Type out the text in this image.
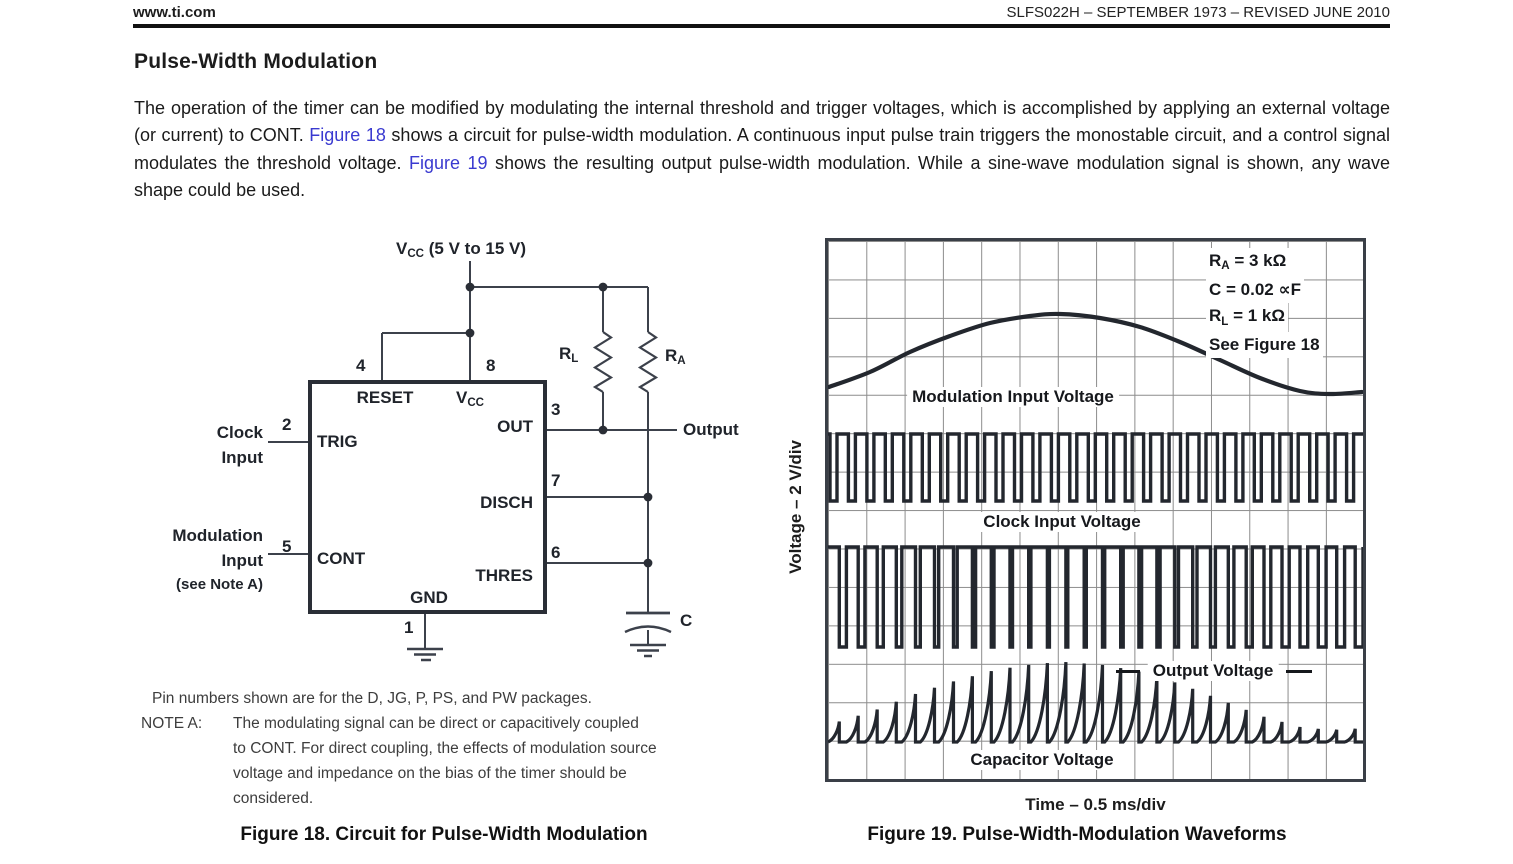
www.ti.com	SLFS022H – SEPTEMBER 1973 – REVISED JUNE 2010
Pulse-Width Modulation

The operation of the timer can be modified by modulating the internal threshold and trigger voltages, which is accomplished by applying an external voltage (or current) to CONT. Figure 18 shows a circuit for pulse-width modulation. A continuous input pulse train triggers the monostable circuit, and a control signal modulates the threshold voltage. Figure 19 shows the resulting output pulse-width modulation. While a sine-wave modulation signal is shown, any wave shape could be used.

$V_{CC}$ (5 V to 15 V)
4	8
RESET	$V_{CC}$	3
OUT
TRIG
2
7
DISCH
5
CONT	6
THRES
GND
1
Clock
Input
Modulation
Input
(see Note A)
Output
$R_L$	$R_A$
C
Pin numbers shown are for the D, JG, P, PS, and PW packages.
NOTE A: The modulating signal can be direct or capacitively coupled
to CONT. For direct coupling, the effects of modulation source
voltage and impedance on the bias of the timer should be
considered.
Modulation Input Voltage
Clock Input Voltage
Output Voltage
Capacitor Voltage
$R_A = 3$ kΩ
C = 0.02 ∝F
$R_L = 1$ kΩ
See Figure 18
Time – 0.5 ms/div
Voltage – 2 V/div
Figure 18. Circuit for Pulse-Width Modulation	Figure 19. Pulse-Width-Modulation Waveforms
